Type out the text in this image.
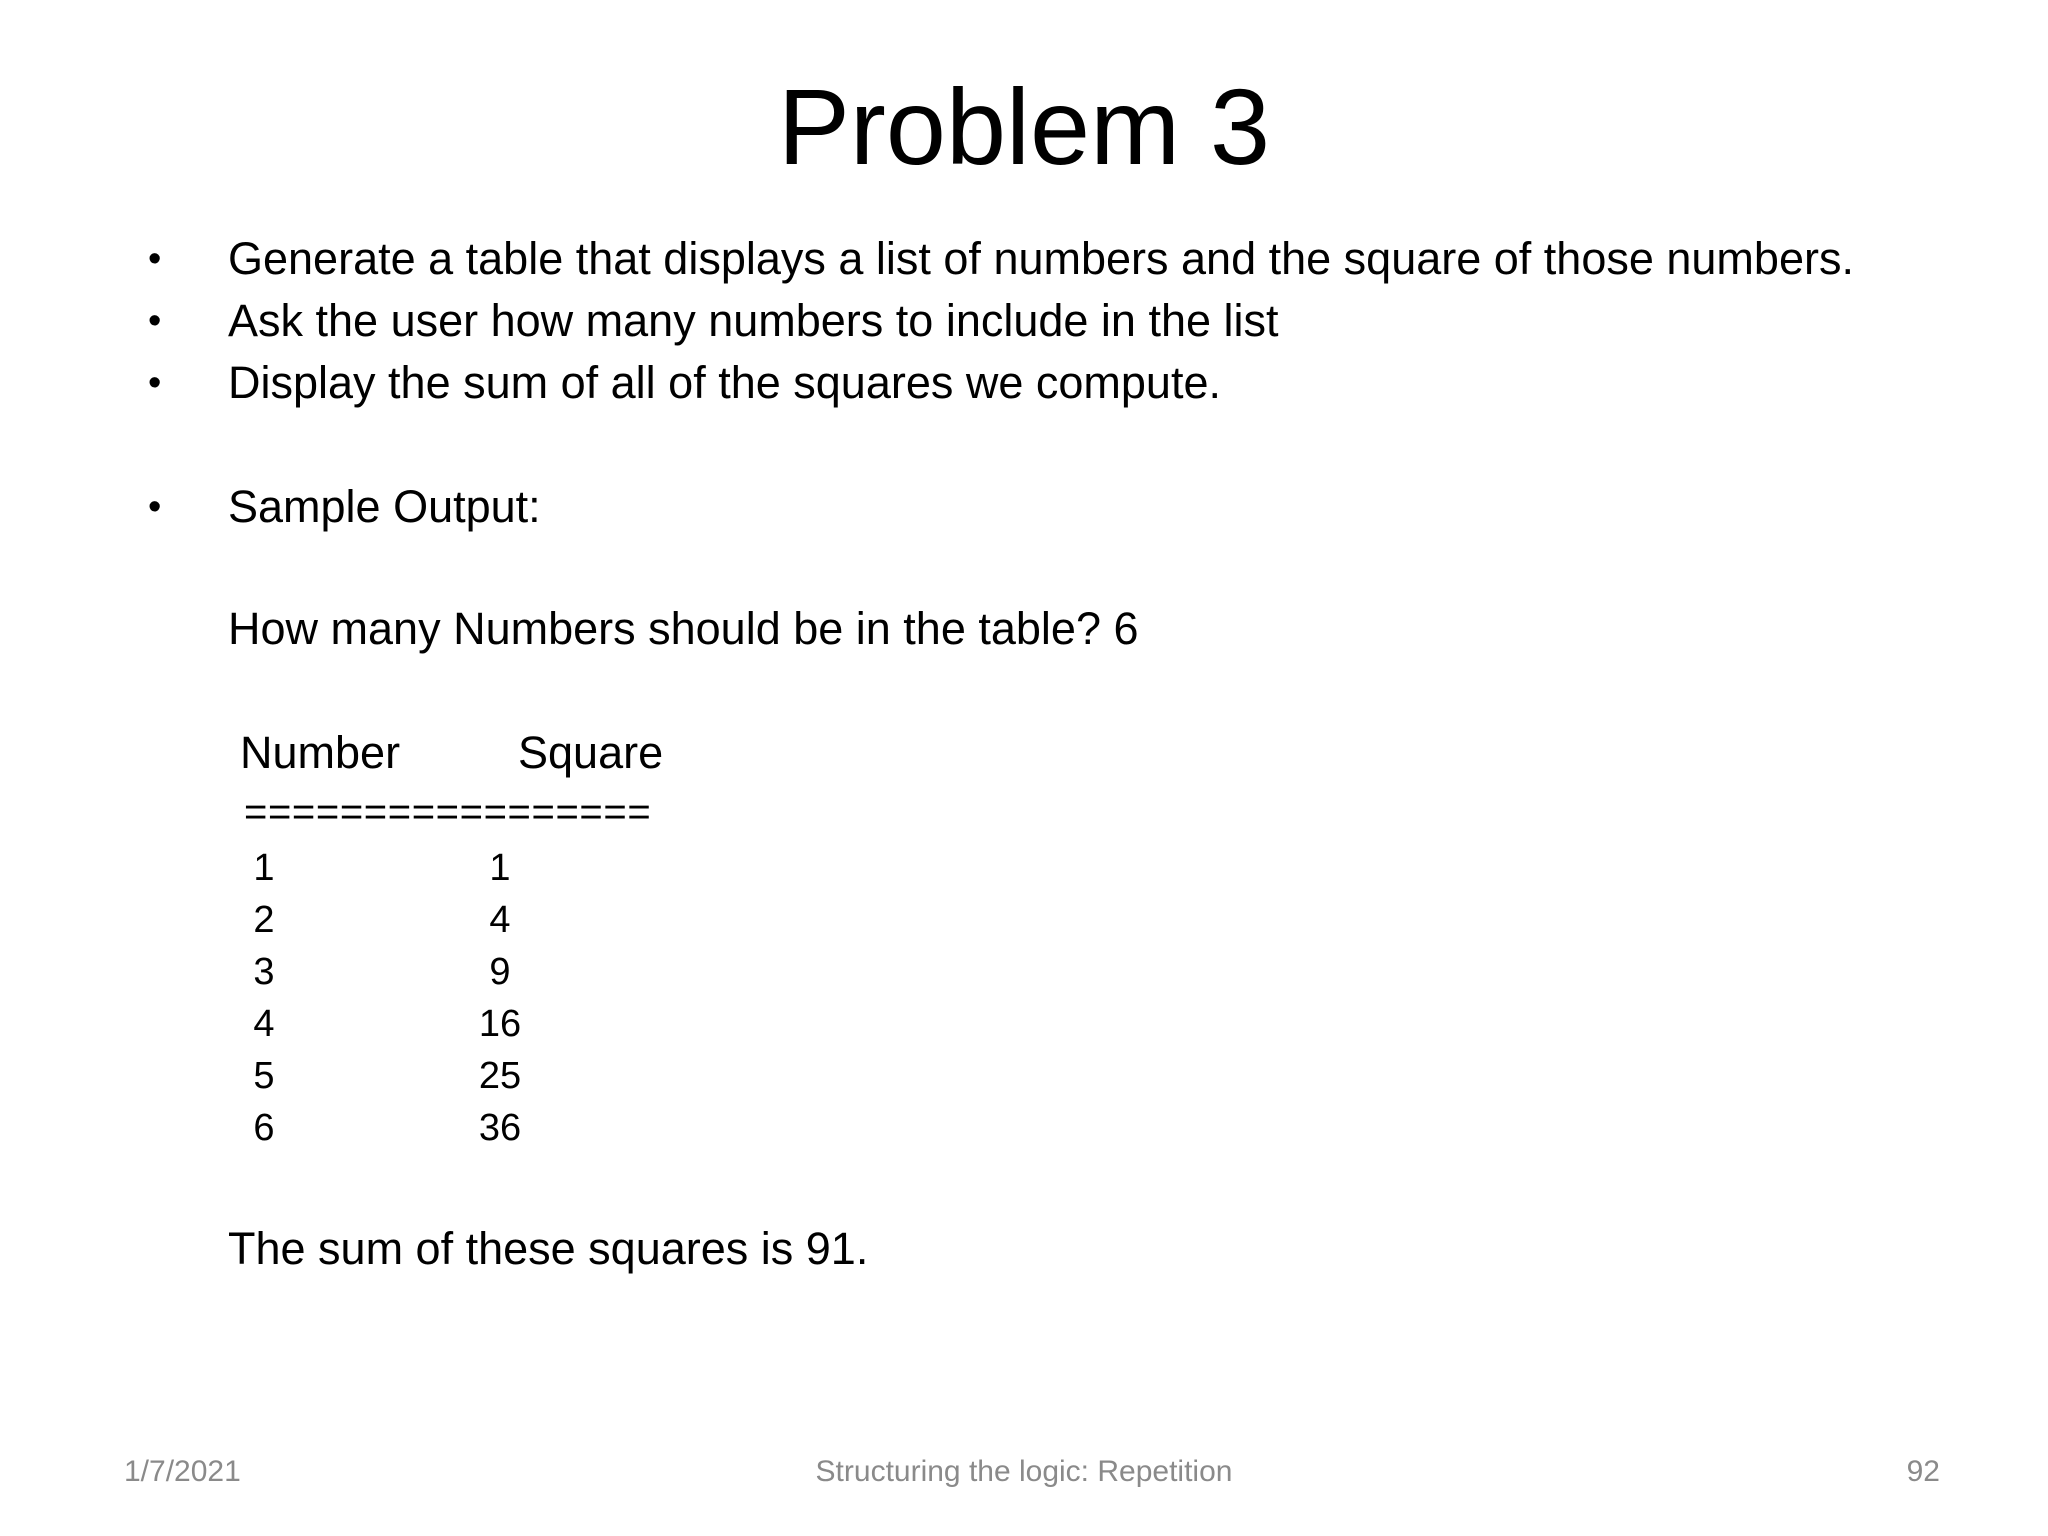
Problem 3
• Generate a table that displays a list of numbers and the square of those numbers.
• Ask the user how many numbers to include in the list
• Display the sum of all of the squares we compute.
• Sample Output:
How many Numbers should be in the table? 6
Number	Square
=================
1	1
2	4
3	9
4	16
5	25
6	36
The sum of these squares is 91.
1/7/2021	Structuring the logic: Repetition	92
